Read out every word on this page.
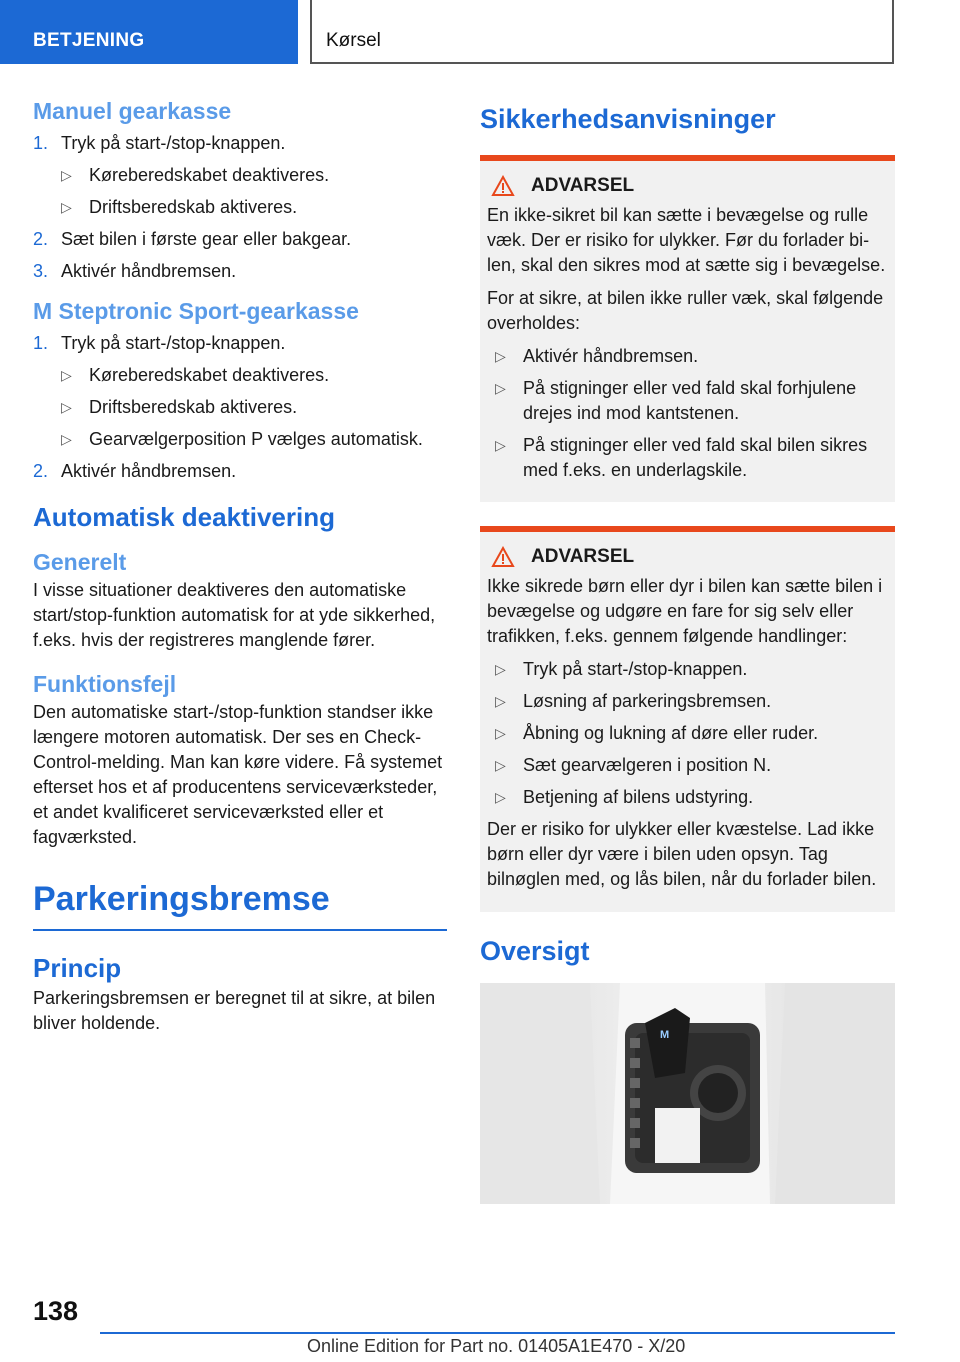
BETJENING	Kørsel
Manuel gearkasse
1. Tryk på start-/stop-knappen.
▷ Køreberedskabet deaktiveres.
▷ Driftsberedskab aktiveres.
2. Sæt bilen i første gear eller bakgear.
3. Aktivér håndbremsen.
M Steptronic Sport-gearkasse
1. Tryk på start-/stop-knappen.
▷ Køreberedskabet deaktiveres.
▷ Driftsberedskab aktiveres.
▷ Gearvælgerposition P vælges automatisk.
2. Aktivér håndbremsen.
Automatisk deaktivering
Generelt

I visse situationer deaktiveres den automatiske start/stop-funktion automatisk for at yde sikkerhed, f.eks. hvis der registreres manglende fører.

Funktionsfejl

Den automatiske start-/stop-funktion standser ikke længere motoren automatisk. Der ses en Check-Control-melding. Man kan køre videre. Få systemet efterset hos et af producentens serviceværksteder, et andet kvalificeret serviceværksted eller et fagværksted.

Parkeringsbremse
Princip

Parkeringsbremsen er beregnet til at sikre, at bilen bliver holdende.

Sikkerhedsanvisninger
ADVARSEL

En ikke-sikret bil kan sætte i bevægelse og rulle væk. Der er risiko for ulykker. Før du forlader bilen, skal den sikres mod at sætte sig i bevægelse.

For at sikre, at bilen ikke ruller væk, skal følgende overholdes:

▷ Aktivér håndbremsen.
▷ På stigninger eller ved fald skal forhjulene drejes ind mod kantstenen.
▷ På stigninger eller ved fald skal bilen sikres med f.eks. en underlagskile.
ADVARSEL

Ikke sikrede børn eller dyr i bilen kan sætte bilen i bevægelse og udgøre en fare for sig selv eller trafikken, f.eks. gennem følgende handlinger:

▷ Tryk på start-/stop-knappen.
▷ Løsning af parkeringsbremsen.
▷ Åbning og lukning af døre eller ruder.
▷ Sæt gearvælgeren i position N.
▷ Betjening af bilens udstyring.

Der er risiko for ulykker eller kvæstelse. Lad ikke børn eller dyr være i bilen uden opsyn. Tag bilnøglen med, og lås bilen, når du forlader bilen.

Oversigt
M
138
Online Edition for Part no. 01405A1E470 - X/20
